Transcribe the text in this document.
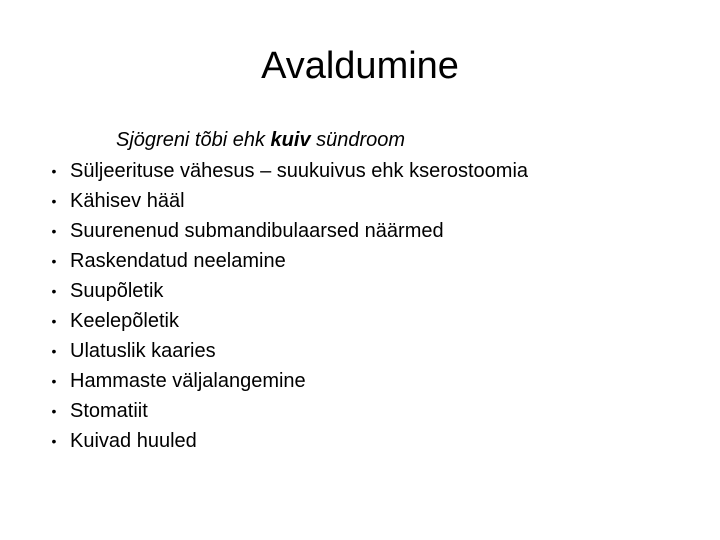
Avaldumine
Sjögreni tõbi ehk kuiv sündroom
• Süljeerituse vähesus – suukuivus ehk kserostoomia
• Kähisev hääl
• Suurenenud submandibulaarsed näärmed
• Raskendatud neelamine
• Suupõletik
• Keelepõletik
• Ulatuslik kaaries
• Hammaste väljalangemine
• Stomatiit
• Kuivad huuled
